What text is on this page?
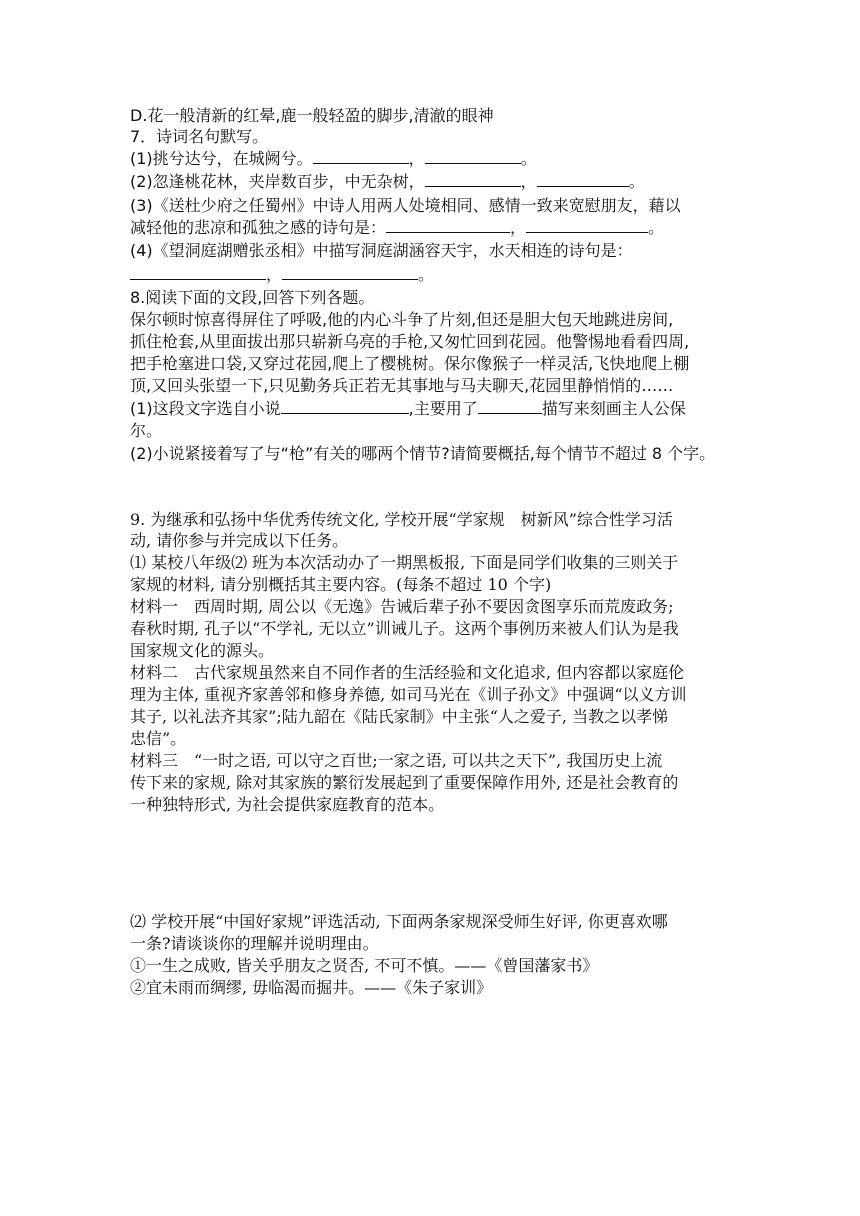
D.花一般清新的红晕,鹿一般轻盈的脚步,清澈的眼神

7．诗词名句默写。

(1)挑兮达兮，在城阙兮。	，	。

(2)忽逢桃花林，夹岸数百步，中无杂树，	，	。

(3)《送杜少府之任蜀州》中诗人用两人处境相同、感情一致来宽慰朋友，藉以

减轻他的悲凉和孤独之感的诗句是：	，	。

(4)《望洞庭湖赠张丞相》中描写洞庭湖涵容天宇，水天相连的诗句是：

，	。

8.阅读下面的文段,回答下列各题。

保尔顿时惊喜得屏住了呼吸,他的内心斗争了片刻,但还是胆大包天地跳进房间,

抓住枪套,从里面拔出那只崭新乌亮的手枪,又匆忙回到花园。他警惕地看看四周,

把手枪塞进口袋,又穿过花园,爬上了樱桃树。保尔像猴子一样灵活,飞快地爬上棚

顶,又回头张望一下,只见勤务兵正若无其事地与马夫聊天,花园里静悄悄的……

(1)这段文字选自小说	,主要用了	描写来刻画主人公保

尔。

(2)小说紧接着写了与“枪”有关的哪两个情节?请简要概括,每个情节不超过 8 个字。

9. 为继承和弘扬中华优秀传统文化, 学校开展“学家规　树新风”综合性学习活

动, 请你参与并完成以下任务。

⑴ 某校八年级⑵ 班为本次活动办了一期黑板报, 下面是同学们收集的三则关于

家规的材料, 请分别概括其主要内容。(每条不超过 10 个字)

材料一　西周时期, 周公以《无逸》告诫后辈子孙不要因贪图享乐而荒废政务;

春秋时期, 孔子以“不学礼, 无以立”训诫儿子。这两个事例历来被人们认为是我

国家规文化的源头。

材料二　古代家规虽然来自不同作者的生活经验和文化追求, 但内容都以家庭伦

理为主体, 重视齐家善邻和修身养德, 如司马光在《训子孙文》中强调“以义方训

其子, 以礼法齐其家”;陆九韶在《陆氏家制》中主张“人之爱子, 当教之以孝悌

忠信”。

材料三　“一时之语, 可以守之百世;一家之语, 可以共之天下”, 我国历史上流

传下来的家规, 除对其家族的繁衍发展起到了重要保障作用外, 还是社会教育的

一种独特形式, 为社会提供家庭教育的范本。

⑵ 学校开展“中国好家规”评选活动, 下面两条家规深受师生好评, 你更喜欢哪

一条?请谈谈你的理解并说明理由。

①一生之成败, 皆关乎朋友之贤否, 不可不慎。——《曾国藩家书》

②宜未雨而绸缪, 毋临渴而掘井。——《朱子家训》
